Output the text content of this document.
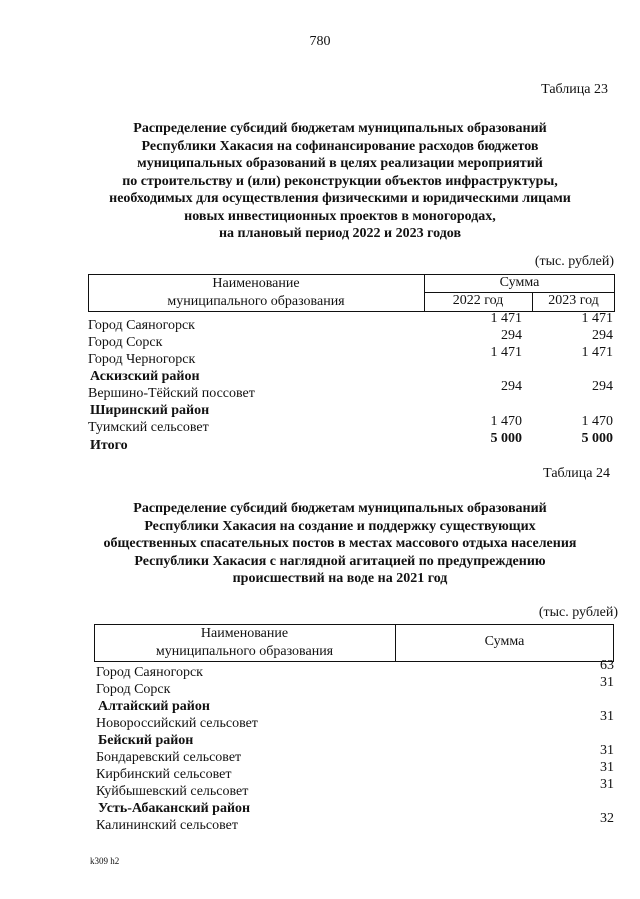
780
Таблица 23
Распределение субсидий бюджетам муниципальных образований
Республики Хакасия на софинансирование расходов бюджетов
муниципальных образований в целях реализации мероприятий
по строительству и (или) реконструкции объектов инфраструктуры,
необходимых для осуществления физическими и юридическими лицами
новых инвестиционных проектов в моногородах,
на плановый период 2022 и 2023 годов
(тыс. рублей)
Наименование
муниципального образования
Сумма
2022 год	2023 год
Город Саяногорск	1 471	1 471
Город Сорск	294	294
Город Черногорск	1 471	1 471
Аскизский район
Вершино-Тёйский поссовет	294	294
Ширинский район
Туимский сельсовет	1 470	1 470
Итого	5 000	5 000
Таблица 24
Распределение субсидий бюджетам муниципальных образований
Республики Хакасия на создание и поддержку существующих
общественных спасательных постов в местах массового отдыха населения
Республики Хакасия с наглядной агитацией по предупреждению
происшествий на воде на 2021 год
(тыс. рублей)
Наименование
муниципального образования
Сумма
Город Саяногорск	63
Город Сорск	31
Алтайский район
Новороссийский сельсовет	31
Бейский район
Бондаревский сельсовет	31
Кирбинский сельсовет	31
Куйбышевский сельсовет	31
Усть-Абаканский район
Калининский сельсовет	32
k309 h2
